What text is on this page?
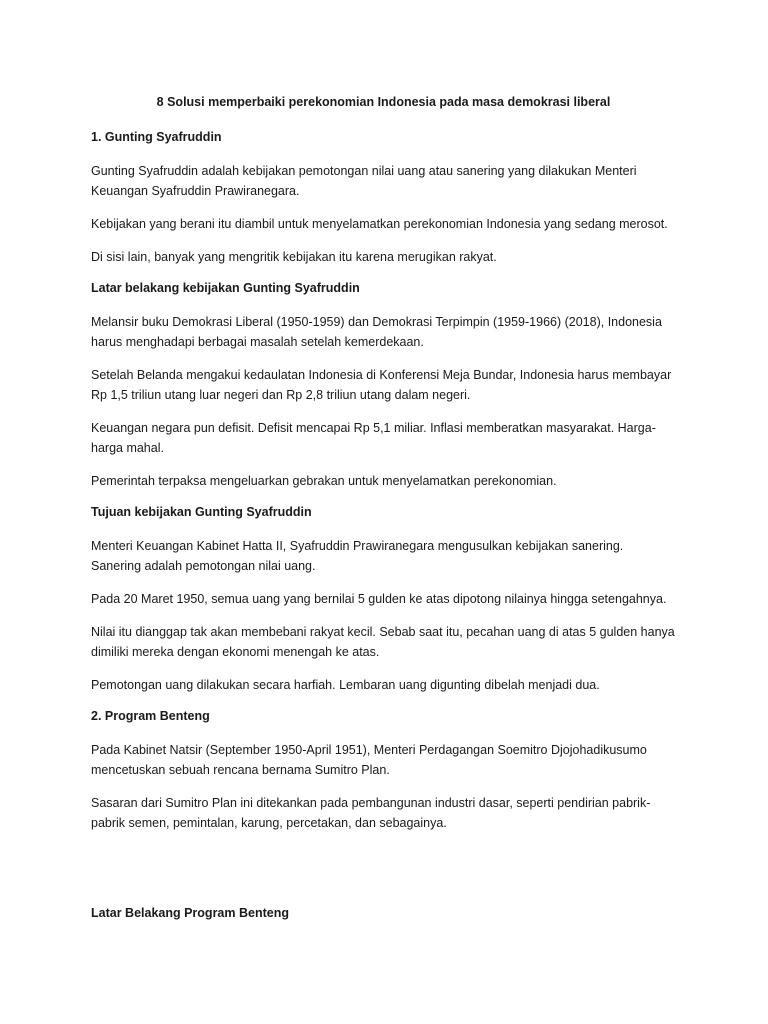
8 Solusi memperbaiki perekonomian Indonesia pada masa demokrasi liberal
1. Gunting Syafruddin
Gunting Syafruddin adalah kebijakan pemotongan nilai uang atau sanering yang dilakukan Menteri Keuangan Syafruddin Prawiranegara.
Kebijakan yang berani itu diambil untuk menyelamatkan perekonomian Indonesia yang sedang merosot.
Di sisi lain, banyak yang mengritik kebijakan itu karena merugikan rakyat.
Latar belakang kebijakan Gunting Syafruddin
Melansir buku Demokrasi Liberal (1950-1959) dan Demokrasi Terpimpin (1959-1966) (2018), Indonesia harus menghadapi berbagai masalah setelah kemerdekaan.
Setelah Belanda mengakui kedaulatan Indonesia di Konferensi Meja Bundar, Indonesia harus membayar Rp 1,5 triliun utang luar negeri dan Rp 2,8 triliun utang dalam negeri.
Keuangan negara pun defisit. Defisit mencapai Rp 5,1 miliar. Inflasi memberatkan masyarakat. Harga-harga mahal.
Pemerintah terpaksa mengeluarkan gebrakan untuk menyelamatkan perekonomian.
Tujuan kebijakan Gunting Syafruddin
Menteri Keuangan Kabinet Hatta II, Syafruddin Prawiranegara mengusulkan kebijakan sanering. Sanering adalah pemotongan nilai uang.
Pada 20 Maret 1950, semua uang yang bernilai 5 gulden ke atas dipotong nilainya hingga setengahnya.
Nilai itu dianggap tak akan membebani rakyat kecil. Sebab saat itu, pecahan uang di atas 5 gulden hanya dimiliki mereka dengan ekonomi menengah ke atas.
Pemotongan uang dilakukan secara harfiah. Lembaran uang digunting dibelah menjadi dua.
2. Program Benteng
Pada Kabinet Natsir (September 1950-April 1951), Menteri Perdagangan Soemitro Djojohadikusumo mencetuskan sebuah rencana bernama Sumitro Plan.
Sasaran dari Sumitro Plan ini ditekankan pada pembangunan industri dasar, seperti pendirian pabrik-pabrik semen, pemintalan, karung, percetakan, dan sebagainya.
Latar Belakang Program Benteng
